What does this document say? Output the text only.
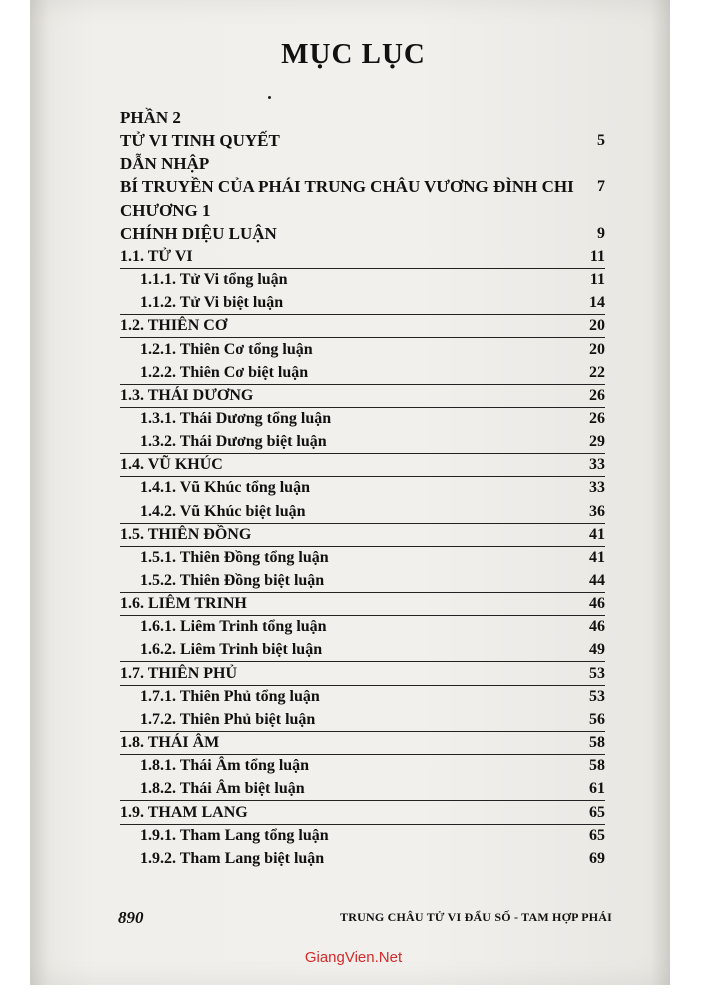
MỤC LỤC
PHẦN 2
TỬ VI TINH QUYẾT	5
DẪN NHẬP
BÍ TRUYỀN CỦA PHÁI TRUNG CHÂU VƯƠNG ĐÌNH CHI 7
CHƯƠNG 1
CHÍNH DIỆU LUẬN	9
1.1. TỬ VI	11
1.1.1. Tử Vi tổng luận	11
1.1.2. Tử Vi biệt luận	14
1.2. THIÊN CƠ	20
1.2.1. Thiên Cơ tổng luận	20
1.2.2. Thiên Cơ biệt luận	22
1.3. THÁI DƯƠNG	26
1.3.1. Thái Dương tổng luận	26
1.3.2. Thái Dương biệt luận	29
1.4. VŨ KHÚC	33
1.4.1. Vũ Khúc tổng luận	33
1.4.2. Vũ Khúc biệt luận	36
1.5. THIÊN ĐỒNG	41
1.5.1. Thiên Đồng tổng luận	41
1.5.2. Thiên Đồng biệt luận	44
1.6. LIÊM TRINH	46
1.6.1. Liêm Trinh tổng luận	46
1.6.2. Liêm Trinh biệt luận	49
1.7. THIÊN PHỦ	53
1.7.1. Thiên Phủ tổng luận	53
1.7.2. Thiên Phủ biệt luận	56
1.8. THÁI ÂM	58
1.8.1. Thái Âm tổng luận	58
1.8.2. Thái Âm biệt luận	61
1.9. THAM LANG	65
1.9.1. Tham Lang tổng luận	65
1.9.2. Tham Lang biệt luận	69
890	TRUNG CHÂU TỬ VI ĐẨU SỐ - TAM HỢP PHÁI
GiangVien.Net
